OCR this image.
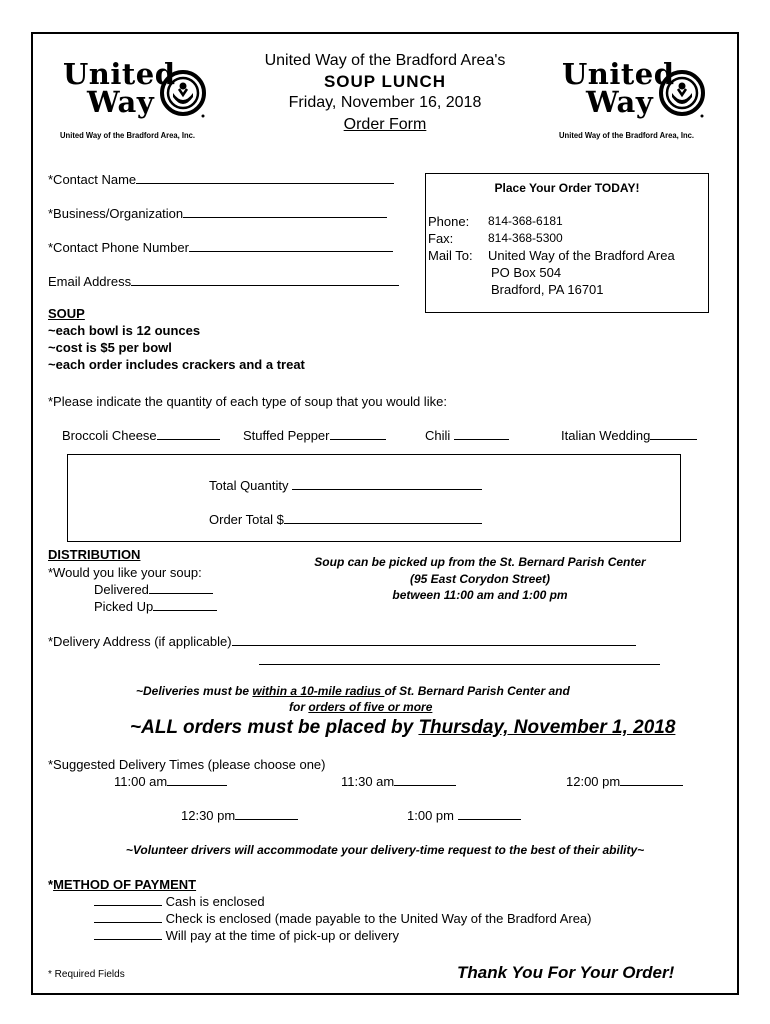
United
Way
United Way of the Bradford Area, Inc.
United
Way
United Way of the Bradford Area, Inc.
United Way of the Bradford Area's
SOUP LUNCH
Friday, November 16, 2018
Order Form
*Contact Name
*Business/Organization
*Contact Phone Number
Email Address
Place Your Order TODAY!
Phone: 814-368-6181
Fax:	814-368-5300
Mail To: United Way of the Bradford Area
PO Box 504
Bradford, PA 16701
SOUP
~each bowl is 12 ounces
~cost is $5 per bowl
~each order includes crackers and a treat
*Please indicate the quantity of each type of soup that you would like:
Broccoli Cheese	Stuffed Pepper	Chili	Italian Wedding
Total Quantity
Order Total $
DISTRIBUTION
*Would you like your soup:
Delivered
Picked Up
Soup can be picked up from the St. Bernard Parish Center
(95 East Corydon Street)
between 11:00 am and 1:00 pm
*Delivery Address (if applicable)
~Deliveries must be within a 10-mile radius of St. Bernard Parish Center and
for orders of five or more
~ALL orders must be placed by Thursday, November 1, 2018
*Suggested Delivery Times (please choose one)
11:00 am	11:30 am	12:00 pm
12:30 pm	1:00 pm
~Volunteer drivers will accommodate your delivery-time request to the best of their ability~
*METHOD OF PAYMENT
Cash is enclosed
Check is enclosed (made payable to the United Way of the Bradford Area)
Will pay at the time of pick-up or delivery
* Required Fields	Thank You For Your Order!
